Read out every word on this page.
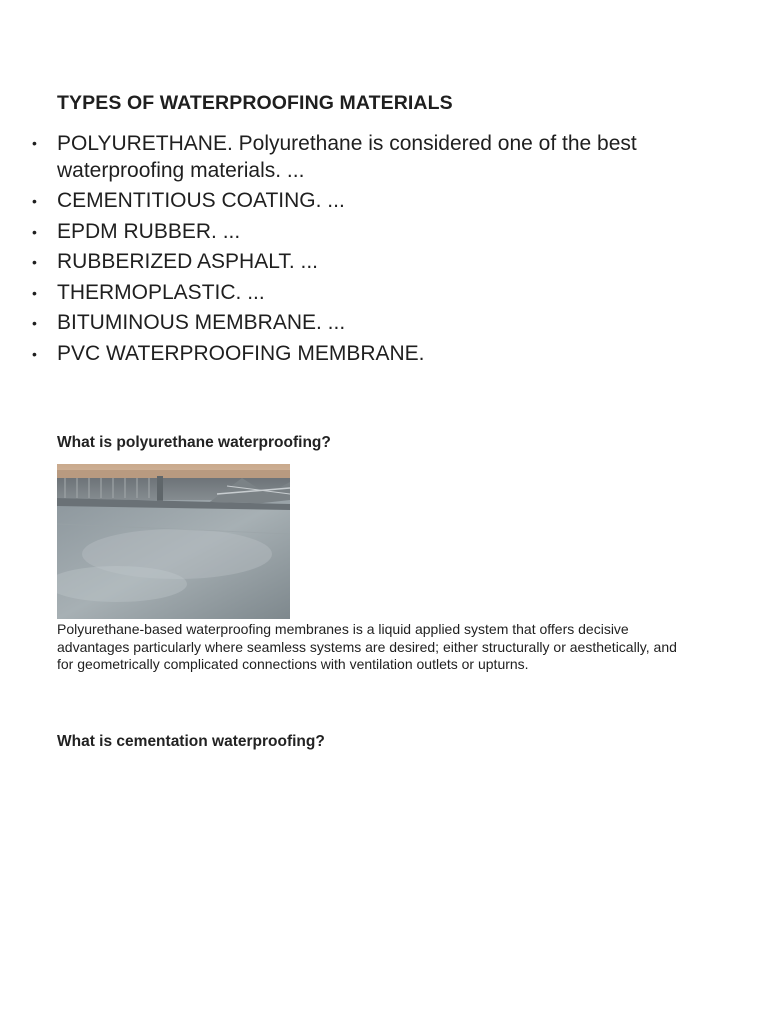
TYPES OF WATERPROOFING MATERIALS
• POLYURETHANE. Polyurethane is considered one of the best waterproofing materials. ...
• CEMENTITIOUS COATING. ...
• EPDM RUBBER. ...
• RUBBERIZED ASPHALT. ...
• THERMOPLASTIC. ...
• BITUMINOUS MEMBRANE. ...
• PVC WATERPROOFING MEMBRANE.
What is polyurethane waterproofing?

Polyurethane-based waterproofing membranes is a liquid applied system that offers decisive advantages particularly where seamless systems are desired; either structurally or aesthetically, and for geometrically complicated connections with ventilation outlets or upturns.

What is cementation waterproofing?
